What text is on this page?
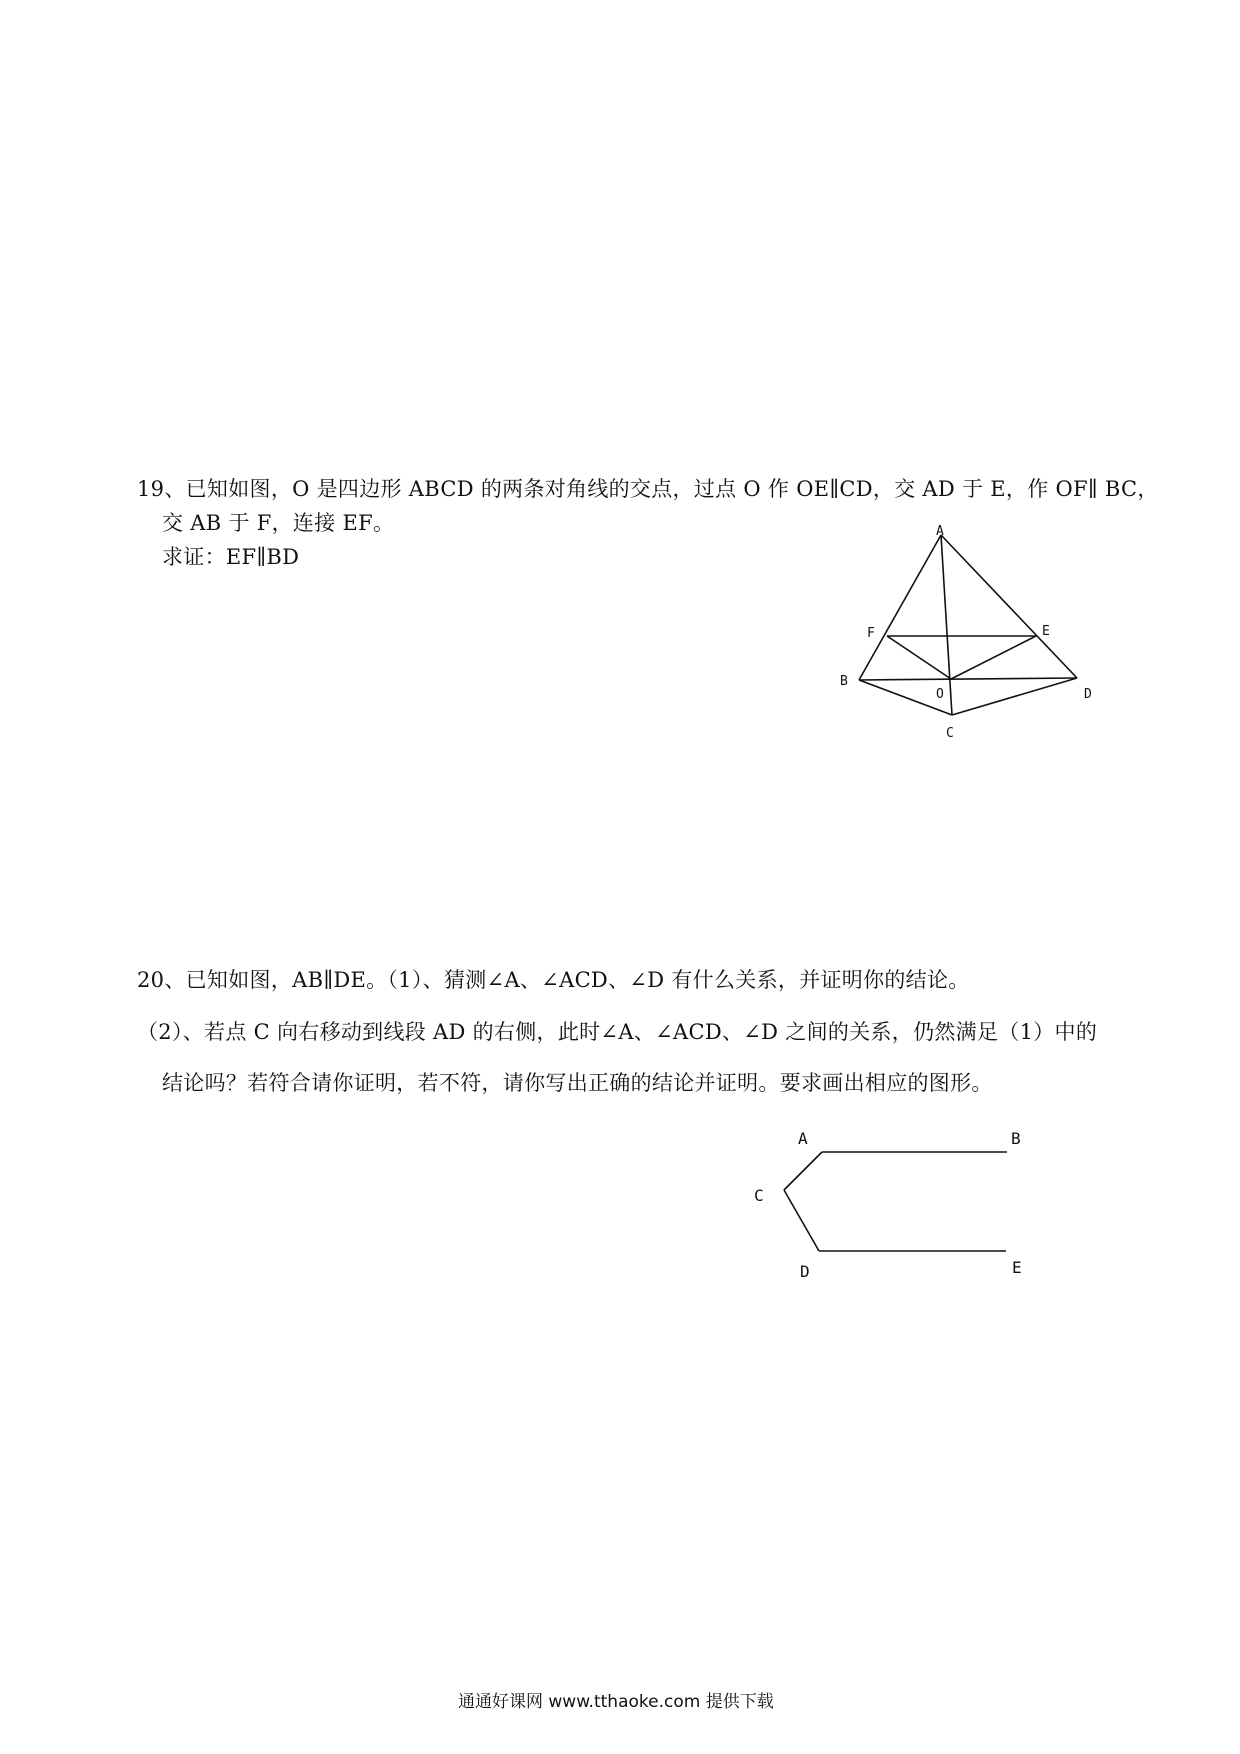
19、已知如图，O 是四边形 ABCD 的两条对角线的交点，过点 O 作 OE∥CD，交 AD 于 E，作 OF∥ BC，
交 AB 于 F，连接 EF。
求证：EF∥BD
A
B
C
D
E
F
O
20、已知如图，AB∥DE。（1）、猜测∠A、∠ACD、∠D 有什么关系，并证明你的结论。
（2）、若点 C 向右移动到线段 AD 的右侧，此时∠A、∠ACD、∠D 之间的关系，仍然满足（1）中的
结论吗？若符合请你证明，若不符，请你写出正确的结论并证明。要求画出相应的图形。
A	B
C
D	E
通通好课网 www.tthaoke.com 提供下载
